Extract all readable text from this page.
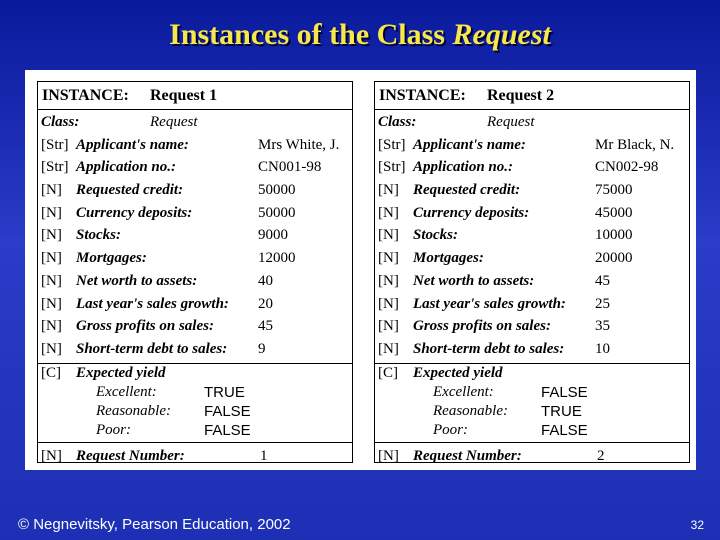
Instances of the Class Request
INSTANCE: Request 1
Class:	Request
[Str] Applicant's name:	Mrs White, J.
[Str] Application no.:	CN001-98
[N] Requested credit:	50000
[N] Currency deposits:	50000
[N] Stocks:	9000
[N] Mortgages:	12000
[N] Net worth to assets:	40
[N] Last year's sales growth: 20
[N] Gross profits on sales:	45
[N] Short-term debt to sales: 9
[C] Expected yield
Excellent:	TRUE
Reasonable: FALSE
Poor:	FALSE
[N] Request Number:	1
INSTANCE: Request 2
Class:	Request
[Str] Applicant's name:	Mr Black, N.
[Str] Application no.:	CN002-98
[N] Requested credit:	75000
[N] Currency deposits:	45000
[N] Stocks:	10000
[N] Mortgages:	20000
[N] Net worth to assets:	45
[N] Last year's sales growth: 25
[N] Gross profits on sales:	35
[N] Short-term debt to sales: 10
[C] Expected yield
Excellent:	FALSE
Reasonable: TRUE
Poor:	FALSE
[N] Request Number:	2
© Negnevitsky, Pearson Education, 2002	32
